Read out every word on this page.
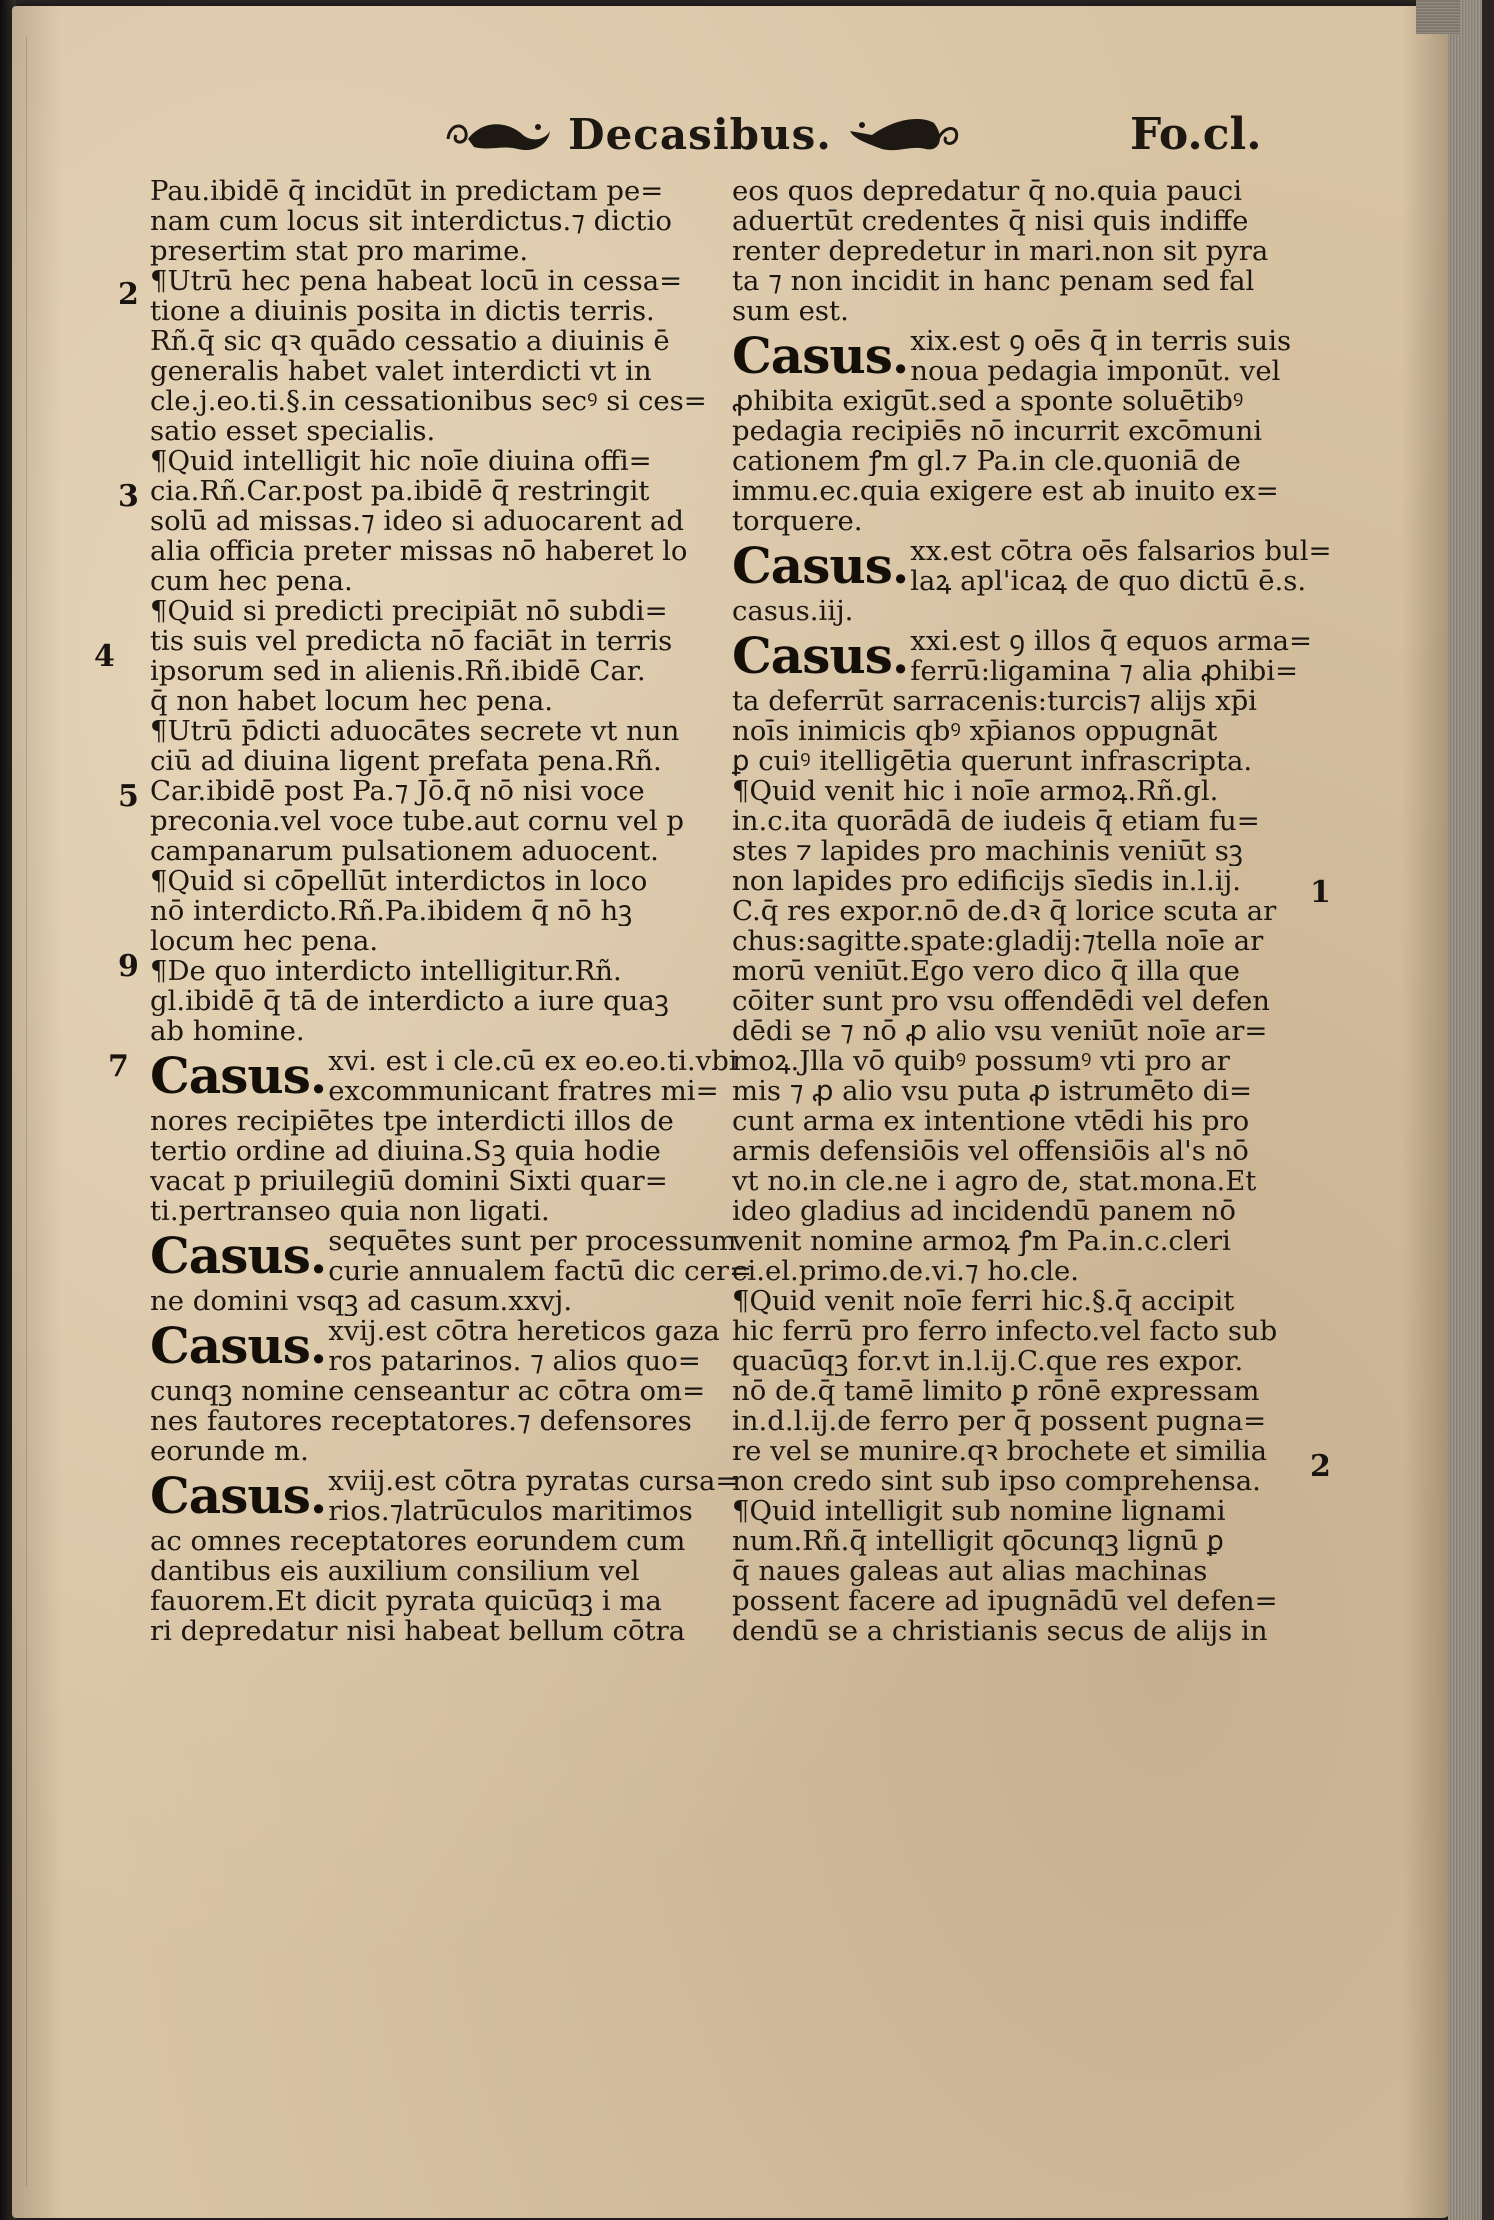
Decasibus.	Fo.cl.
Pau.ibidē q̄ incidūt in predictam pe=
nam cum locus sit interdictus.⁊ dictio
presertim stat pro marime.
¶Utrū hec pena habeat locū in cessa=
tione a diuinis posita in dictis terris.
Rñ.q̄ sic qꝛ quādo cessatio a diuinis ē
generalis habet valet interdicti vt in
cle.j.eo.ti.§.in cessationibus secꝰ si ces=
satio esset specialis.
¶Quid intelligit hic noīe diuina offi=
cia.Rñ.Car.post pa.ibidē q̄ restringit
solū ad missas.⁊ ideo si aduocarent ad
alia officia preter missas nō haberet lo
cum hec pena.
¶Quid si predicti precipiāt nō subdi=
tis suis vel predicta nō faciāt in terris
ipsorum sed in alienis.Rñ.ibidē Car.
q̄ non habet locum hec pena.
¶Utrū p̄dicti aduocātes secrete vt nun
ciū ad diuina ligent prefata pena.Rñ.
Car.ibidē post Pa.⁊ Jō.q̄ nō nisi voce
preconia.vel voce tube.aut cornu vel p
campanarum pulsationem aduocent.
¶Quid si cōpellūt interdictos in loco
nō interdicto.Rñ.Pa.ibidem q̄ nō hꝫ
locum hec pena.
¶De quo interdicto intelligitur.Rñ.
gl.ibidē q̄ tā de interdicto a iure quaꝫ
ab homine.
Casus. xvi. est i cle.cū ex eo.eo.ti.vbi
excommunicant fratres mi=
nores recipiētes tpe interdicti illos de
tertio ordine ad diuina.Sꝫ quia hodie
vacat p priuilegiū domini Sixti quar=
ti.pertranseo quia non ligati.
Casus. sequētes sunt per processum
curie annualem factū dic cer=
ne domini vsqꝫ ad casum.xxvj.
Casus. xvij.est cōtra hereticos gaza
ros patarinos. ⁊ alios quo=
cunqꝫ nomine censeantur ac cōtra om=
nes fautores receptatores.⁊ defensores
eorunde m.
Casus. xviij.est cōtra pyratas cursa=
rios.⁊latrūculos maritimos
ac omnes receptatores eorundem cum
dantibus eis auxilium consilium vel
fauorem.Et dicit pyrata quicūqꝫ i ma
ri depredatur nisi habeat bellum cōtra
eos quos depredatur q̄ no.quia pauci
aduertūt credentes q̄ nisi quis indiffe
renter depredetur in mari.non sit pyra
ta ⁊ non incidit in hanc penam sed fal
sum est.
Casus. xix.est ꝯ oēs q̄ in terris suis
noua pedagia imponūt. vel
ꝓhibita exigūt.sed a sponte soluētibꝰ
pedagia recipiēs nō incurrit excōmuni
cationem ꝭm gl.⁊ Pa.in cle.quoniā de
immu.ec.quia exigere est ab inuito ex=
torquere.
Casus. xx.est cōtra oēs falsarios bul=
laꝝ apl'icaꝝ de quo dictū ē.s.
casus.iij.
Casus. xxi.est ꝯ illos q̄ equos arma=
ferrū:ligamina ⁊ alia ꝓhibi=
ta deferrūt sarracenis:turcis⁊ alijs xp̄i
noīs inimicis qbꝰ xp̄ianos oppugnāt
ꝑ cuiꝰ itelligētia querunt infrascripta.
¶Quid venit hic i noīe armoꝝ.Rñ.gl.
in.c.ita quorādā de iudeis q̄ etiam fu=
stes ⁊ lapides pro machinis veniūt sꝫ
non lapides pro edificijs sīedis in.l.ij.
C.q̄ res expor.nō de.dꝛ q̄ lorice scuta ar
chus:sagitte.spate:gladij:⁊tella noīe ar
morū veniūt.Ego vero dico q̄ illa que
cōiter sunt pro vsu offendēdi vel defen
dēdi se ⁊ nō ꝓ alio vsu veniūt noīe ar=
moꝝ.Jlla vō quibꝰ possumꝰ vti pro ar
mis ⁊ ꝓ alio vsu puta ꝓ istrumēto di=
cunt arma ex intentione vtēdi his pro
armis defensiōis vel offensiōis al's nō
vt no.in cle.ne i agro de, stat.mona.Et
ideo gladius ad incidendū panem nō
venit nomine armoꝝ ꝭm Pa.in.c.cleri
ci.el.primo.de.vi.⁊ ho.cle.
¶Quid venit noīe ferri hic.§.q̄ accipit
hic ferrū pro ferro infecto.vel facto sub
quacūqꝫ for.vt in.l.ij.C.que res expor.
nō de.q̄ tamē limito ꝑ rōnē expressam
in.d.l.ij.de ferro per q̄ possent pugna=
re vel se munire.qꝛ brochete et similia
non credo sint sub ipso comprehensa.
¶Quid intelligit sub nomine lignami
num.Rñ.q̄ intelligit qōcunqꝫ lignū ꝑ
q̄ naues galeas aut alias machinas
possent facere ad ipugnādū vel defen=
dendū se a christianis secus de alijs in
2
3
4
5
9
7
1
2
